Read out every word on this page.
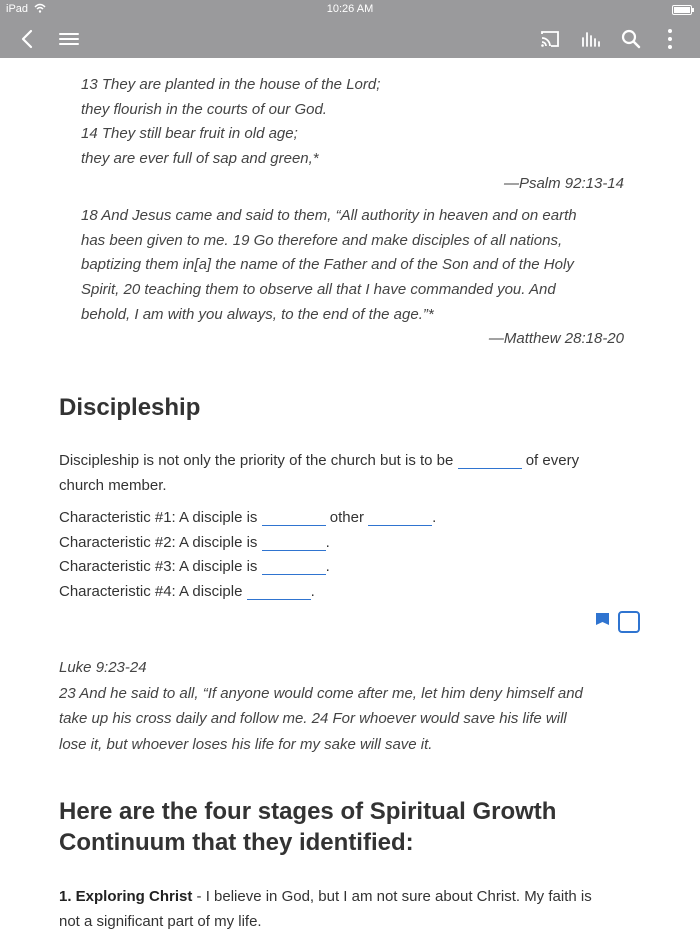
iPad	10:26 AM
13 They are planted in the house of the Lord;
they flourish in the courts of our God.
14 They still bear fruit in old age;
they are ever full of sap and green,*
—Psalm 92:13-14
18 And Jesus came and said to them, “All authority in heaven and on earth
has been given to me. 19 Go therefore and make disciples of all nations,
baptizing them in[a] the name of the Father and of the Son and of the Holy
Spirit, 20 teaching them to observe all that I have commanded you. And
behold, I am with you always, to the end of the age.”*
—Matthew 28:18-20
Discipleship
Discipleship is not only the priority of the church but is to be	of every
church member.
Characteristic #1: A disciple is	other	.
Characteristic #2: A disciple is	.
Characteristic #3: A disciple is	.
Characteristic #4: A disciple	.
Luke 9:23-24
23 And he said to all, “If anyone would come after me, let him deny himself and
take up his cross daily and follow me. 24 For whoever would save his life will
lose it, but whoever loses his life for my sake will save it.
Here are the four stages of Spiritual Growth
Continuum that they identified:
1. Exploring Christ - I believe in God, but I am not sure about Christ. My faith is
not a significant part of my life.
